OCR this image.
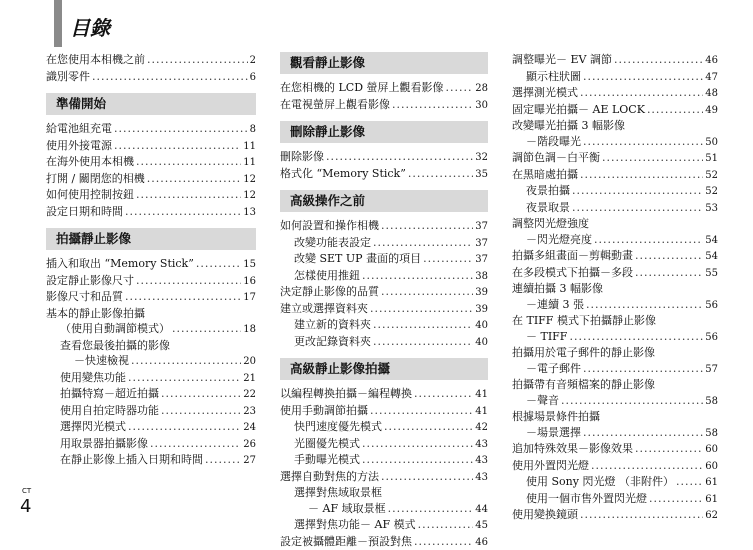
目錄
在您使用本相機之前 .....	2
識別零件 .....	6
準備開始
給電池組充電 .....	8
使用外接電源 .....	11
在海外使用本相機 .....	11
打開 / 關閉您的相機 .....	12
如何使用控制按鈕 .....	12
設定日期和時間 .....	13
拍攝靜止影像
插入和取出 “Memory Stick” .....	15
設定靜止影像尺寸 .....	16
影像尺寸和品質 .....	17
基本的靜止影像拍攝
（使用自動調節模式） .....	18
查看您最後拍攝的影像
－快速檢視 .....	20
使用變焦功能 .....	21
拍攝特寫－超近拍攝 .....	22
使用自拍定時器功能 .....	23
選擇閃光模式 .....	24
用取景器拍攝影像 .....	26
在靜止影像上插入日期和時間 .....	27
觀看靜止影像
在您相機的 LCD 螢屏上觀看影像 .....	28
在電視螢屏上觀看影像 .....	30
刪除靜止影像
刪除影像 .....	32
格式化 “Memory Stick” .....	35
高級操作之前
如何設置和操作相機 .....	37
改變功能表設定 .....	37
改變 SET UP 畫面的項目 .....	37
怎樣使用推鈕 .....	38
決定靜止影像的品質 .....	39
建立或選擇資料夾 .....	39
建立新的資料夾 .....	40
更改記錄資料夾 .....	40
高級靜止影像拍攝
以編程轉換拍攝－編程轉換 .....	41
使用手動調節拍攝 .....	41
快門速度優先模式 .....	42
光圈優先模式 .....	43
手動曝光模式 .....	43
選擇自動對焦的方法 .....	43
選擇對焦域取景框
－ AF 域取景框 .....	44
選擇對焦功能－ AF 模式 .....	45
設定被攝體距離－預設對焦 .....	46
調整曝光－ EV 調節 .....	46
顯示柱狀圖 .....	47
選擇測光模式 .....	48
固定曝光拍攝－ AE LOCK .....	49
改變曝光拍攝 3 幅影像
－階段曝光 .....	50
調節色調－白平衡 .....	51
在黑暗處拍攝 .....	52
夜景拍攝 .....	52
夜景取景 .....	53
調整閃光燈強度
－閃光燈亮度 .....	54
拍攝多組畫面－剪輯動畫 .....	54
在多段模式下拍攝－多段 .....	55
連續拍攝 3 幅影像
－連續 3 張 .....	56
在 TIFF 模式下拍攝靜止影像
－ TIFF .....	56
拍攝用於電子郵件的靜止影像
－電子郵件 .....	57
拍攝帶有音頻檔案的靜止影像
－聲音 .....	58
根據場景條件拍攝
－場景選擇 .....	58
追加特殊效果－影像效果 .....	60
使用外置閃光燈 .....	60
使用 Sony 閃光燈 （非附件） .....	61
使用一個市售外置閃光燈 .....	61
使用變換鏡頭 .....	62
CT
4
